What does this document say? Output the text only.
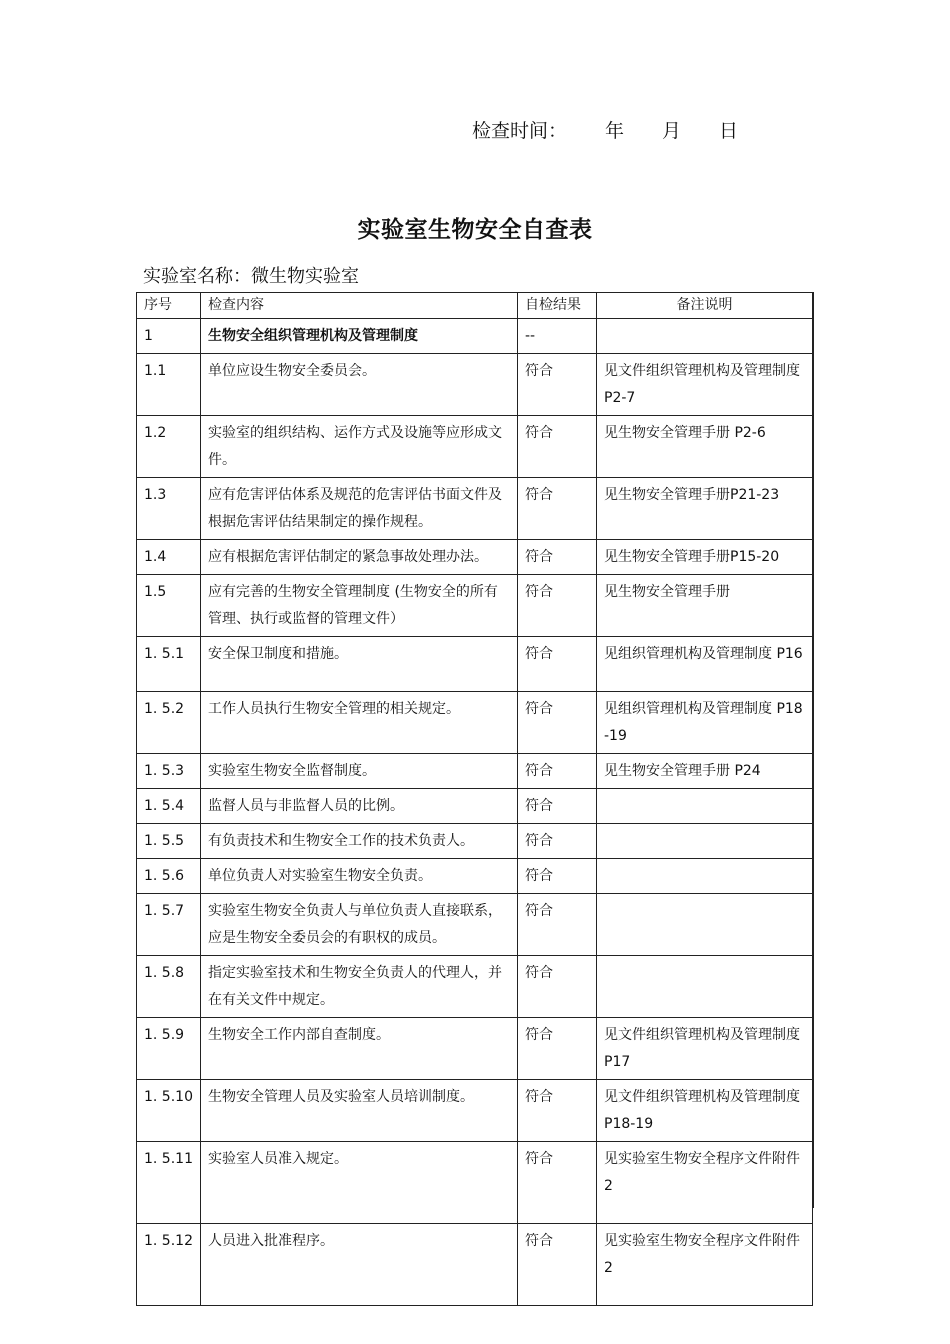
检查时间： 年 月 日
实验室生物安全自查表
实验室名称：微生物实验室
序号	检查内容	自检结果	备注说明
1	生物安全组织管理机构及管理制度	--	
1.1	单位应设生物安全委员会。	符合	见文件组织管理机构及管理制度 P2-7
1.2	实验室的组织结构、运作方式及设施等应形成文件。	符合	见生物安全管理手册 P2-6
1.3	应有危害评估体系及规范的危害评估书面文件及根据危害评估结果制定的操作规程。	符合	见生物安全管理手册P21-23
1.4	应有根据危害评估制定的紧急事故处理办法。	符合	见生物安全管理手册P15-20
1.5	应有完善的生物安全管理制度 (生物安全的所有管理、执行或监督的管理文件）	符合	见生物安全管理手册
1. 5.1	安全保卫制度和措施。	符合	见组织管理机构及管理制度 P16
1. 5.2	工作人员执行生物安全管理的相关规定。	符合	见组织管理机构及管理制度 P18-19
1. 5.3	实验室生物安全监督制度。	符合	见生物安全管理手册 P24
1. 5.4	监督人员与非监督人员的比例。	符合	
1. 5.5	有负责技术和生物安全工作的技术负责人。	符合	
1. 5.6	单位负责人对实验室生物安全负责。	符合	
1. 5.7	实验室生物安全负责人与单位负责人直接联系，应是生物安全委员会的有职权的成员。	符合	
1. 5.8	指定实验室技术和生物安全负责人的代理人，并在有关文件中规定。	符合	
1. 5.9	生物安全工作内部自查制度。	符合	见文件组织管理机构及管理制度 P17
1. 5.10	生物安全管理人员及实验室人员培训制度。	符合	见文件组织管理机构及管理制度 P18-19
1. 5.11	实验室人员准入规定。	符合	见实验室生物安全程序文件附件 2
1. 5.12	人员进入批准程序。	符合	见实验室生物安全程序文件附件 2
